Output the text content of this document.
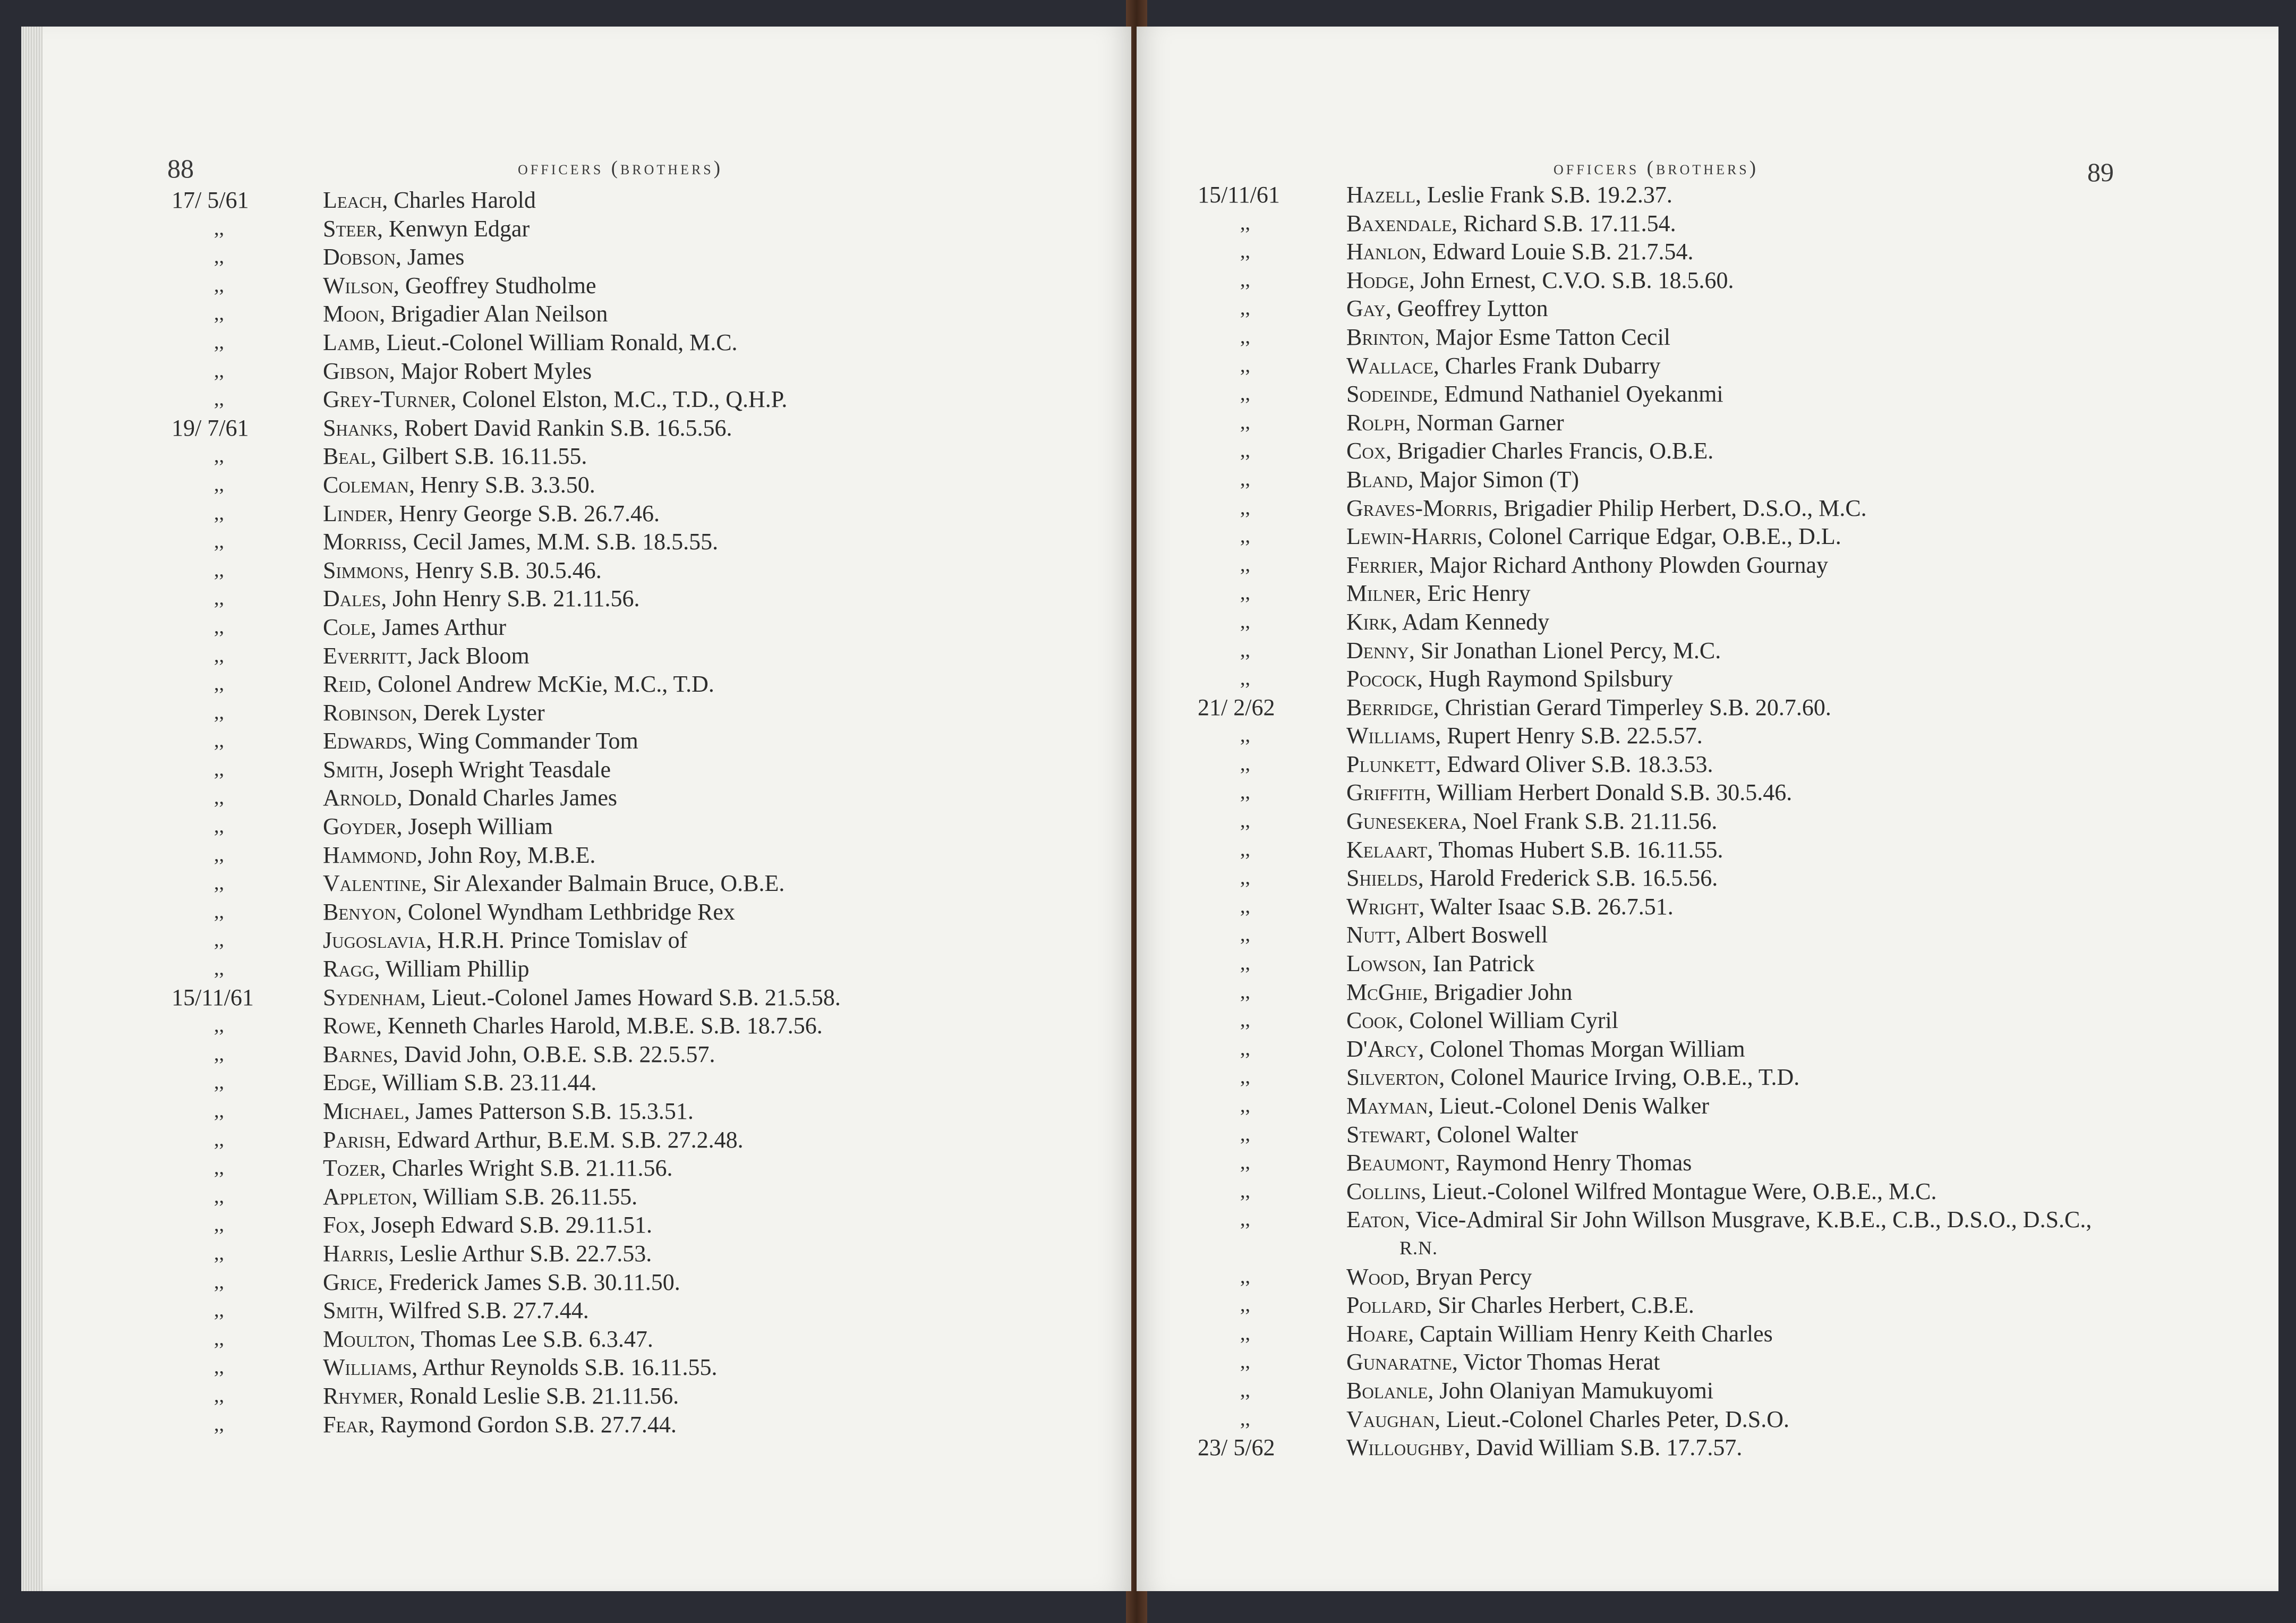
88	officers (brothers)
17/ 5/61	Leach, Charles Harold
,,	Steer, Kenwyn Edgar
,,	Dobson, James
,,	Wilson, Geoffrey Studholme
,,	Moon, Brigadier Alan Neilson
,,	Lamb, Lieut.-Colonel William Ronald, M.C.
,,	Gibson, Major Robert Myles
,,	Grey-Turner, Colonel Elston, M.C., T.D., Q.H.P.
19/ 7/61	Shanks, Robert David Rankin S.B. 16.5.56.
,,	Beal, Gilbert S.B. 16.11.55.
,,	Coleman, Henry S.B. 3.3.50.
,,	Linder, Henry George S.B. 26.7.46.
,,	Morriss, Cecil James, M.M. S.B. 18.5.55.
,,	Simmons, Henry S.B. 30.5.46.
,,	Dales, John Henry S.B. 21.11.56.
,,	Cole, James Arthur
,,	Everritt, Jack Bloom
,,	Reid, Colonel Andrew McKie, M.C., T.D.
,,	Robinson, Derek Lyster
,,	Edwards, Wing Commander Tom
,,	Smith, Joseph Wright Teasdale
,,	Arnold, Donald Charles James
,,	Goyder, Joseph William
,,	Hammond, John Roy, M.B.E.
,,	Valentine, Sir Alexander Balmain Bruce, O.B.E.
,,	Benyon, Colonel Wyndham Lethbridge Rex
,,	Jugoslavia, H.R.H. Prince Tomislav of
,,	Ragg, William Phillip
15/11/61	Sydenham, Lieut.-Colonel James Howard S.B. 21.5.58.
,,	Rowe, Kenneth Charles Harold, M.B.E. S.B. 18.7.56.
,,	Barnes, David John, O.B.E. S.B. 22.5.57.
,,	Edge, William S.B. 23.11.44.
,,	Michael, James Patterson S.B. 15.3.51.
,,	Parish, Edward Arthur, B.E.M. S.B. 27.2.48.
,,	Tozer, Charles Wright S.B. 21.11.56.
,,	Appleton, William S.B. 26.11.55.
,,	Fox, Joseph Edward S.B. 29.11.51.
,,	Harris, Leslie Arthur S.B. 22.7.53.
,,	Grice, Frederick James S.B. 30.11.50.
,,	Smith, Wilfred S.B. 27.7.44.
,,	Moulton, Thomas Lee S.B. 6.3.47.
,,	Williams, Arthur Reynolds S.B. 16.11.55.
,,	Rhymer, Ronald Leslie S.B. 21.11.56.
,,	Fear, Raymond Gordon S.B. 27.7.44.
officers (brothers)	89
15/11/61	Hazell, Leslie Frank S.B. 19.2.37.
,,	Baxendale, Richard S.B. 17.11.54.
,,	Hanlon, Edward Louie S.B. 21.7.54.
,,	Hodge, John Ernest, C.V.O. S.B. 18.5.60.
,,	Gay, Geoffrey Lytton
,,	Brinton, Major Esme Tatton Cecil
,,	Wallace, Charles Frank Dubarry
,,	Sodeinde, Edmund Nathaniel Oyekanmi
,,	Rolph, Norman Garner
,,	Cox, Brigadier Charles Francis, O.B.E.
,,	Bland, Major Simon (T)
,,	Graves-Morris, Brigadier Philip Herbert, D.S.O., M.C.
,,	Lewin-Harris, Colonel Carrique Edgar, O.B.E., D.L.
,,	Ferrier, Major Richard Anthony Plowden Gournay
,,	Milner, Eric Henry
,,	Kirk, Adam Kennedy
,,	Denny, Sir Jonathan Lionel Percy, M.C.
,,	Pocock, Hugh Raymond Spilsbury
21/ 2/62	Berridge, Christian Gerard Timperley S.B. 20.7.60.
,,	Williams, Rupert Henry S.B. 22.5.57.
,,	Plunkett, Edward Oliver S.B. 18.3.53.
,,	Griffith, William Herbert Donald S.B. 30.5.46.
,,	Gunesekera, Noel Frank S.B. 21.11.56.
,,	Kelaart, Thomas Hubert S.B. 16.11.55.
,,	Shields, Harold Frederick S.B. 16.5.56.
,,	Wright, Walter Isaac S.B. 26.7.51.
,,	Nutt, Albert Boswell
,,	Lowson, Ian Patrick
,,	McGhie, Brigadier John
,,	Cook, Colonel William Cyril
,,	D'Arcy, Colonel Thomas Morgan William
,,	Silverton, Colonel Maurice Irving, O.B.E., T.D.
,,	Mayman, Lieut.-Colonel Denis Walker
,,	Stewart, Colonel Walter
,,	Beaumont, Raymond Henry Thomas
,,	Collins, Lieut.-Colonel Wilfred Montague Were, O.B.E., M.C.
,,	Eaton, Vice-Admiral Sir John Willson Musgrave, K.B.E., C.B., D.S.O., D.S.C.,
R.N.
,,	Wood, Bryan Percy
,,	Pollard, Sir Charles Herbert, C.B.E.
,,	Hoare, Captain William Henry Keith Charles
,,	Gunaratne, Victor Thomas Herat
,,	Bolanle, John Olaniyan Mamukuyomi
,,	Vaughan, Lieut.-Colonel Charles Peter, D.S.O.
23/ 5/62	Willoughby, David William S.B. 17.7.57.
